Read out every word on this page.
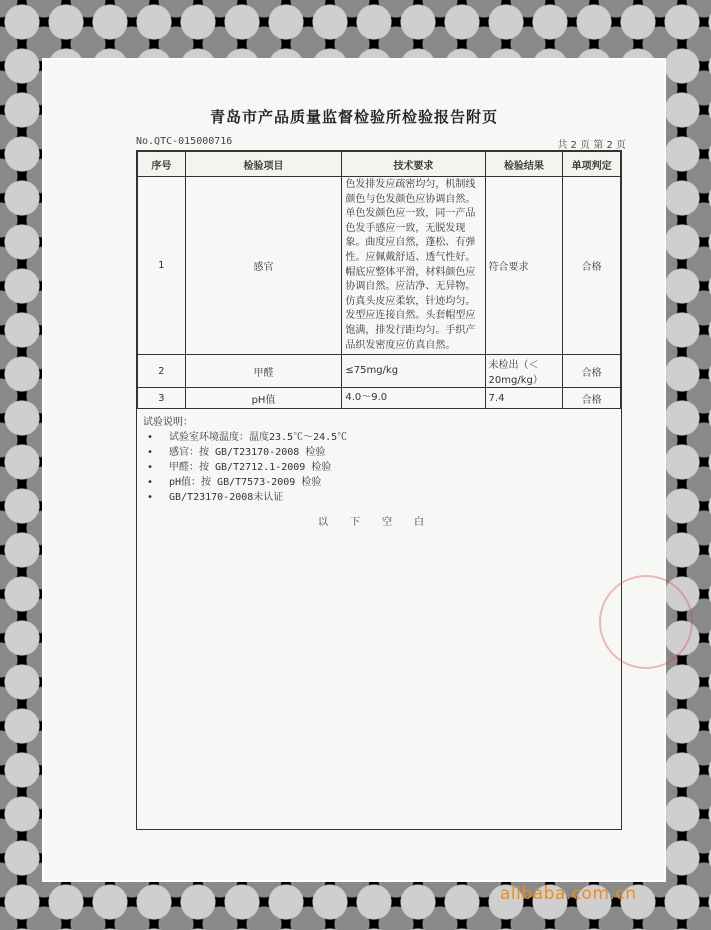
青岛市产品质量监督检验所检验报告附页
No.QTC-015000716	共 2 页 第 2 页
序号	检验项目	技术要求	检验结果	单项判定
1	感官	色发排发应疏密均匀，机制线颜色与色发颜色应协调自然。单色发颜色应一致，同一产品色发手感应一致，无脱发现象。曲度应自然，蓬松、有弹性。应佩戴舒适、透气性好。帽底应整体平滑，材料颜色应协调自然。应洁净、无异物。仿真头皮应柔软，针迹均匀。发型应连接自然。头套帽型应饱满，排发行距均匀。手织产品织发密度应仿真自然。	符合要求	合格
2	甲醛	≤75mg/kg	未检出（＜20mg/kg）	合格
3	pH值	4.0～9.0	7.4	合格
试验说明：
• 试验室环境温度：温度23.5℃～24.5℃
• 感官：按 GB/T23170-2008 检验
• 甲醛：按 GB/T2712.1-2009 检验
• pH值：按 GB/T7573-2009 检验
• GB/T23170-2008未认证
以下空白
alibaba.com.cn
